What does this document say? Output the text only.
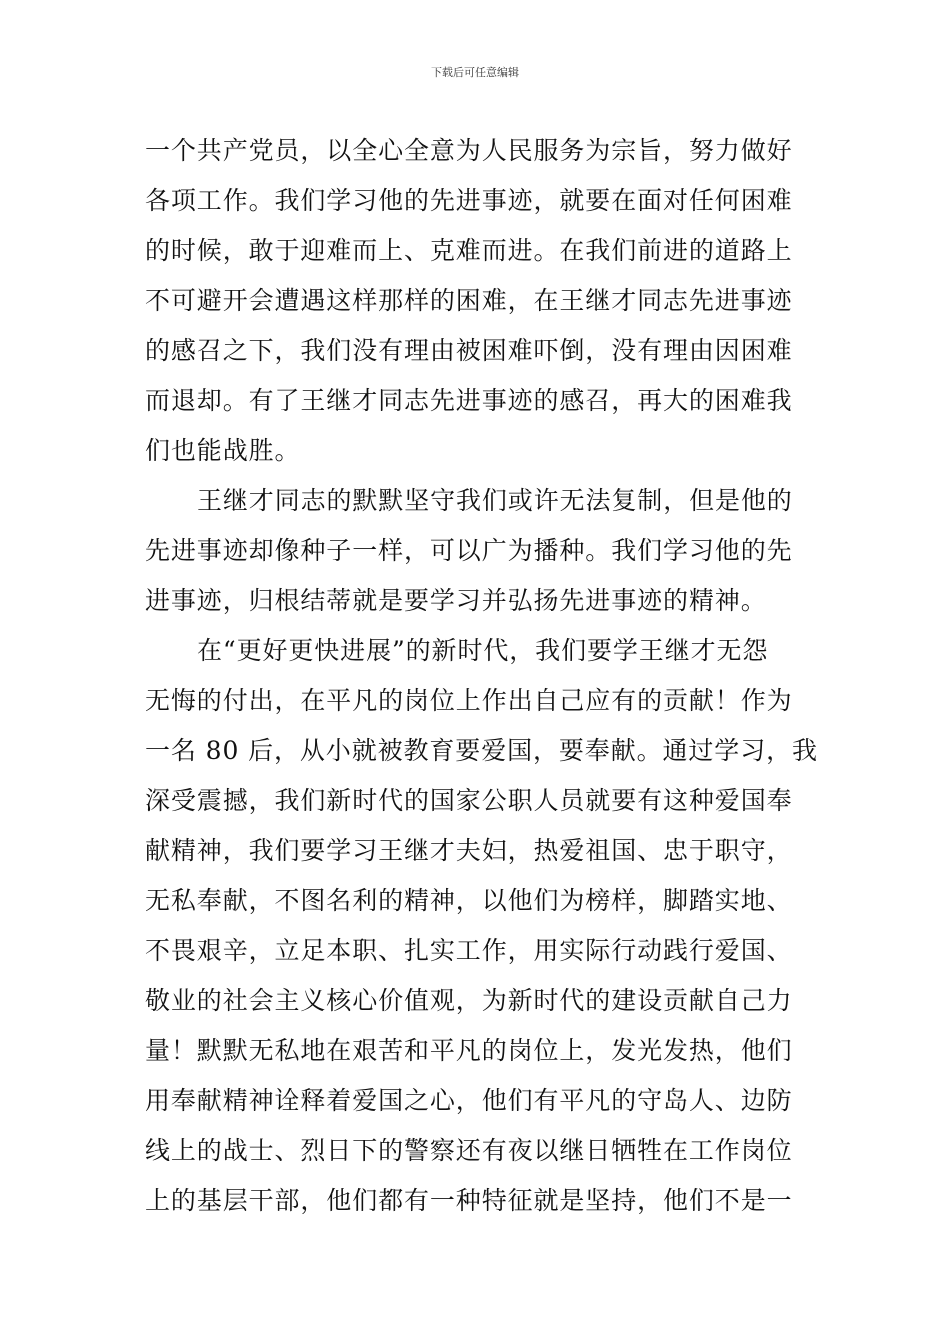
下载后可任意编辑
一个共产党员，以全心全意为人民服务为宗旨，努力做好
各项工作。我们学习他的先进事迹，就要在面对任何困难
的时候，敢于迎难而上、克难而进。在我们前进的道路上
不可避开会遭遇这样那样的困难，在王继才同志先进事迹
的感召之下，我们没有理由被困难吓倒，没有理由因困难
而退却。有了王继才同志先进事迹的感召，再大的困难我
们也能战胜。
王继才同志的默默坚守我们或许无法复制，但是他的
先进事迹却像种子一样，可以广为播种。我们学习他的先
进事迹，归根结蒂就是要学习并弘扬先进事迹的精神。
在“更好更快进展”的新时代，我们要学王继才无怨
无悔的付出，在平凡的岗位上作出自己应有的贡献！作为
一名 80 后，从小就被教育要爱国，要奉献。通过学习，我
深受震撼，我们新时代的国家公职人员就要有这种爱国奉
献精神，我们要学习王继才夫妇，热爱祖国、忠于职守，
无私奉献，不图名利的精神，以他们为榜样，脚踏实地、
不畏艰辛，立足本职、扎实工作，用实际行动践行爱国、
敬业的社会主义核心价值观，为新时代的建设贡献自己力
量！默默无私地在艰苦和平凡的岗位上，发光发热，他们
用奉献精神诠释着爱国之心，他们有平凡的守岛人、边防
线上的战士、烈日下的警察还有夜以继日牺牲在工作岗位
上的基层干部，他们都有一种特征就是坚持，他们不是一
